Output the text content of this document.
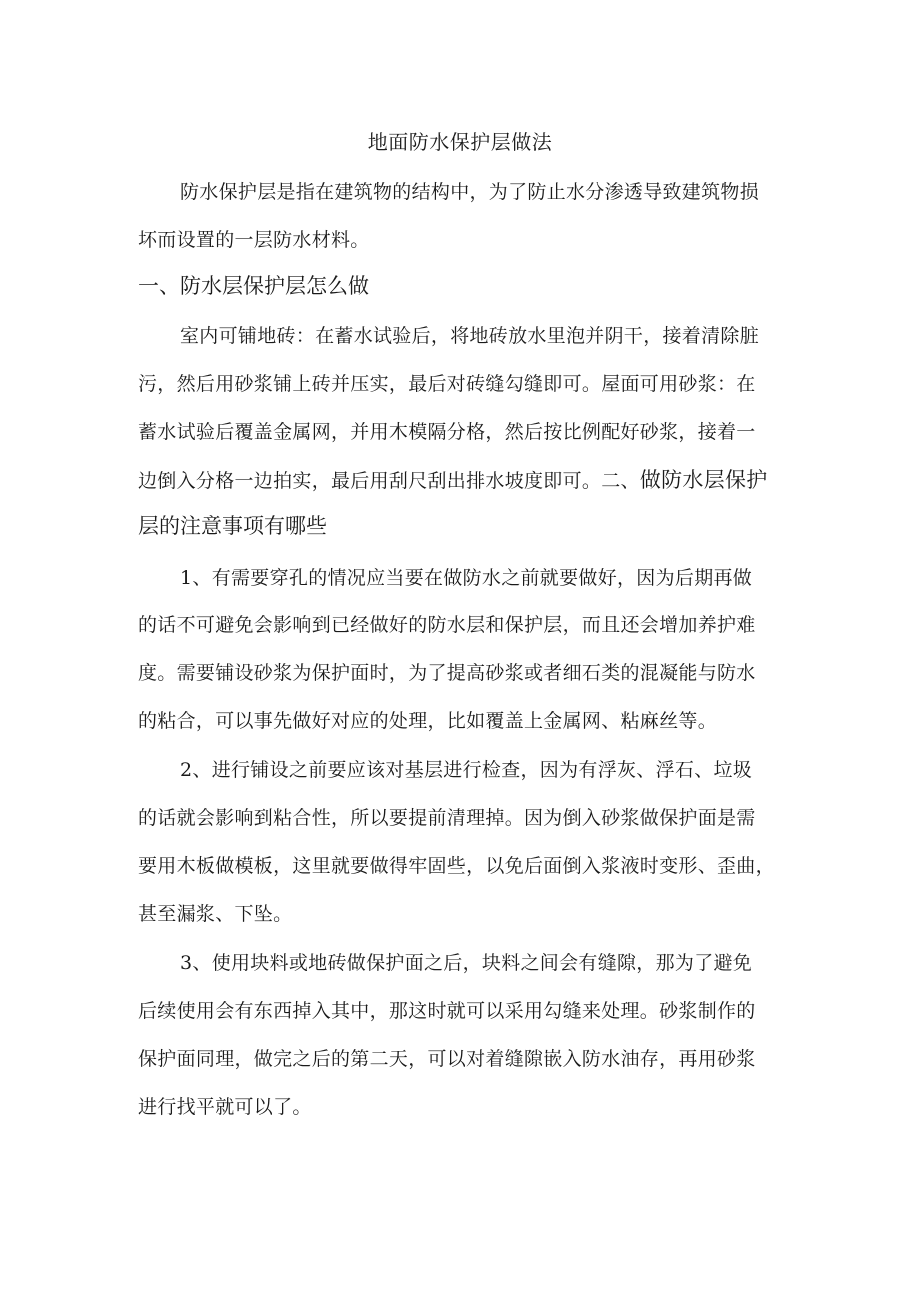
地面防水保护层做法
防水保护层是指在建筑物的结构中，为了防止水分渗透导致建筑物损
坏而设置的一层防水材料。
一、防水层保护层怎么做
室内可铺地砖：在蓄水试验后，将地砖放水里泡并阴干，接着清除脏
污，然后用砂浆铺上砖并压实，最后对砖缝勾缝即可。屋面可用砂浆：在
蓄水试验后覆盖金属网，并用木模隔分格，然后按比例配好砂浆，接着一
边倒入分格一边拍实，最后用刮尺刮出排水坡度即可。二、做防水层保护
层的注意事项有哪些
1、有需要穿孔的情况应当要在做防水之前就要做好，因为后期再做
的话不可避免会影响到已经做好的防水层和保护层，而且还会增加养护难
度。需要铺设砂浆为保护面时，为了提高砂浆或者细石类的混凝能与防水
的粘合，可以事先做好对应的处理，比如覆盖上金属网、粘麻丝等。
2、进行铺设之前要应该对基层进行检查，因为有浮灰、浮石、垃圾
的话就会影响到粘合性，所以要提前清理掉。因为倒入砂浆做保护面是需
要用木板做模板，这里就要做得牢固些，以免后面倒入浆液时变形、歪曲，
甚至漏浆、下坠。
3、使用块料或地砖做保护面之后，块料之间会有缝隙，那为了避免
后续使用会有东西掉入其中，那这时就可以采用勾缝来处理。砂浆制作的
保护面同理，做完之后的第二天，可以对着缝隙嵌入防水油存，再用砂浆
进行找平就可以了。
